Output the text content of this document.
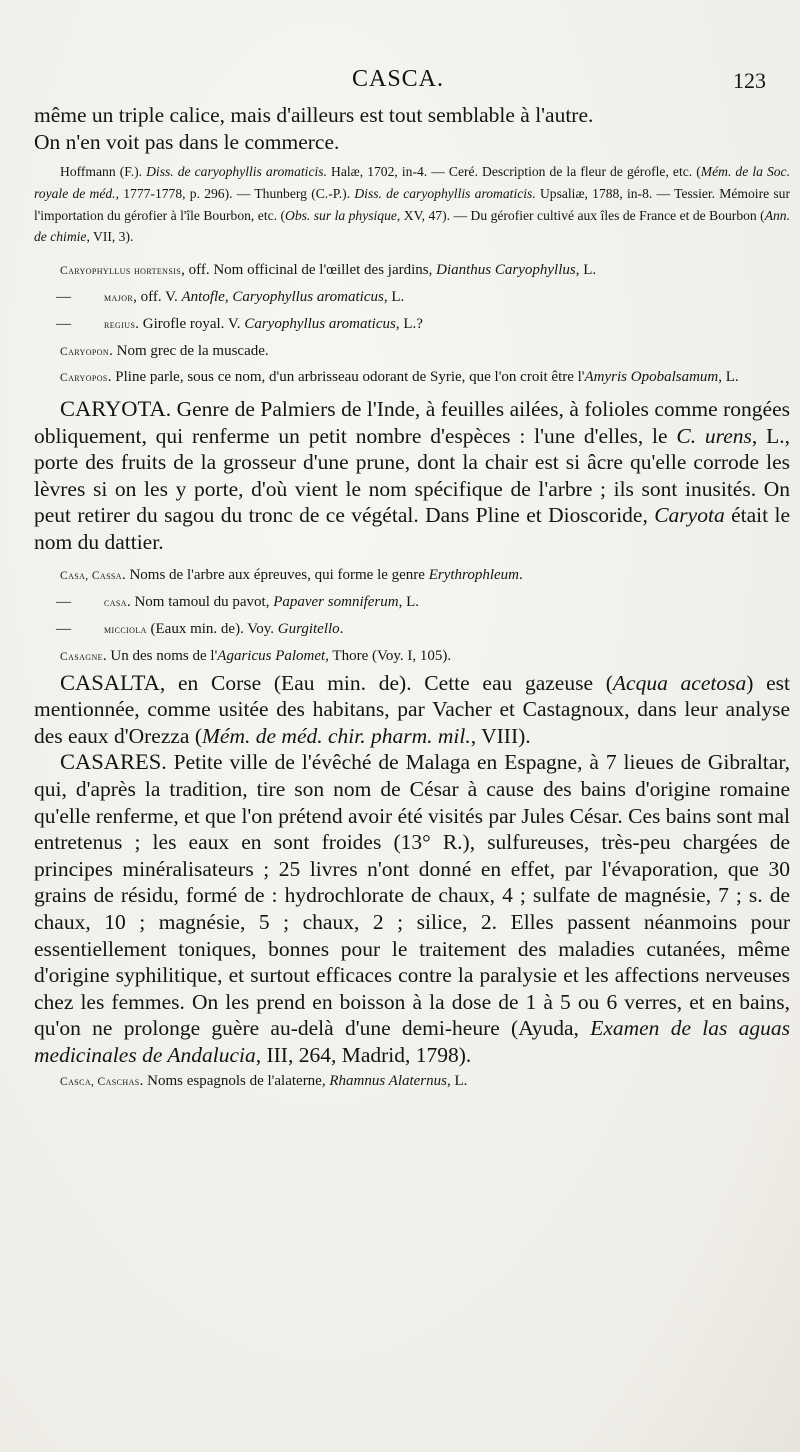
CASCA.	123

même un triple calice, mais d'ailleurs est tout semblable à l'autre.
On n'en voit pas dans le commerce.

Hoffmann (F.). Diss. de caryophyllis aromaticis. Halæ, 1702, in-4. — Ceré. Description de la fleur de gérofle, etc. (Mém. de la Soc. royale de méd., 1777-1778, p. 296). — Thunberg (C.-P.). Diss. de caryophyllis aromaticis. Upsaliæ, 1788, in-8. — Tessier. Mémoire sur l'importation du gérofier à l'île Bourbon, etc. (Obs. sur la physique, XV, 47). — Du gérofier cultivé aux îles de France et de Bourbon (Ann. de chimie, VII, 3).

Caryophyllus hortensis, off. Nom officinal de l'œillet des jardins, Dianthus Caryophyllus, L.

—	major, off. V. Antofle, Caryophyllus aromaticus, L.

—	regius. Girofle royal. V. Caryophyllus aromaticus, L.?

Caryopon. Nom grec de la muscade.

Caryopos. Pline parle, sous ce nom, d'un arbrisseau odorant de Syrie, que l'on croit être l'Amyris Opobalsamum, L.

CARYOTA. Genre de Palmiers de l'Inde, à feuilles ailées, à folioles comme rongées obliquement, qui renferme un petit nombre d'espèces : l'une d'elles, le C. urens, L., porte des fruits de la grosseur d'une prune, dont la chair est si âcre qu'elle corrode les lèvres si on les y porte, d'où vient le nom spécifique de l'arbre ; ils sont inusités. On peut retirer du sagou du tronc de ce végétal. Dans Pline et Dioscoride, Caryota était le nom du dattier.

Casa, Cassa. Noms de l'arbre aux épreuves, qui forme le genre Erythrophleum.

—	casa. Nom tamoul du pavot, Papaver somniferum, L.

—	micciola (Eaux min. de). Voy. Gurgitello.

Casagne. Un des noms de l'Agaricus Palomet, Thore (Voy. I, 105).

CASALTA, en Corse (Eau min. de). Cette eau gazeuse (Acqua acetosa) est mentionnée, comme usitée des habitans, par Vacher et Castagnoux, dans leur analyse des eaux d'Orezza (Mém. de méd. chir. pharm. mil., VIII).

CASARES. Petite ville de l'évêché de Malaga en Espagne, à 7 lieues de Gibraltar, qui, d'après la tradition, tire son nom de César à cause des bains d'origine romaine qu'elle renferme, et que l'on prétend avoir été visités par Jules César. Ces bains sont mal entretenus ; les eaux en sont froides (13° R.), sulfureuses, très-peu chargées de principes minéralisateurs ; 25 livres n'ont donné en effet, par l'évaporation, que 30 grains de résidu, formé de : hydrochlorate de chaux, 4 ; sulfate de magnésie, 7 ; s. de chaux, 10 ; magnésie, 5 ; chaux, 2 ; silice, 2. Elles passent néanmoins pour essentiellement toniques, bonnes pour le traitement des maladies cutanées, même d'origine syphilitique, et surtout efficaces contre la paralysie et les affections nerveuses chez les femmes. On les prend en boisson à la dose de 1 à 5 ou 6 verres, et en bains, qu'on ne prolonge guère au-delà d'une demi-heure (Ayuda, Examen de las aguas medicinales de Andalucia, III, 264, Madrid, 1798).

Casca, Caschas. Noms espagnols de l'alaterne, Rhamnus Alaternus, L.
